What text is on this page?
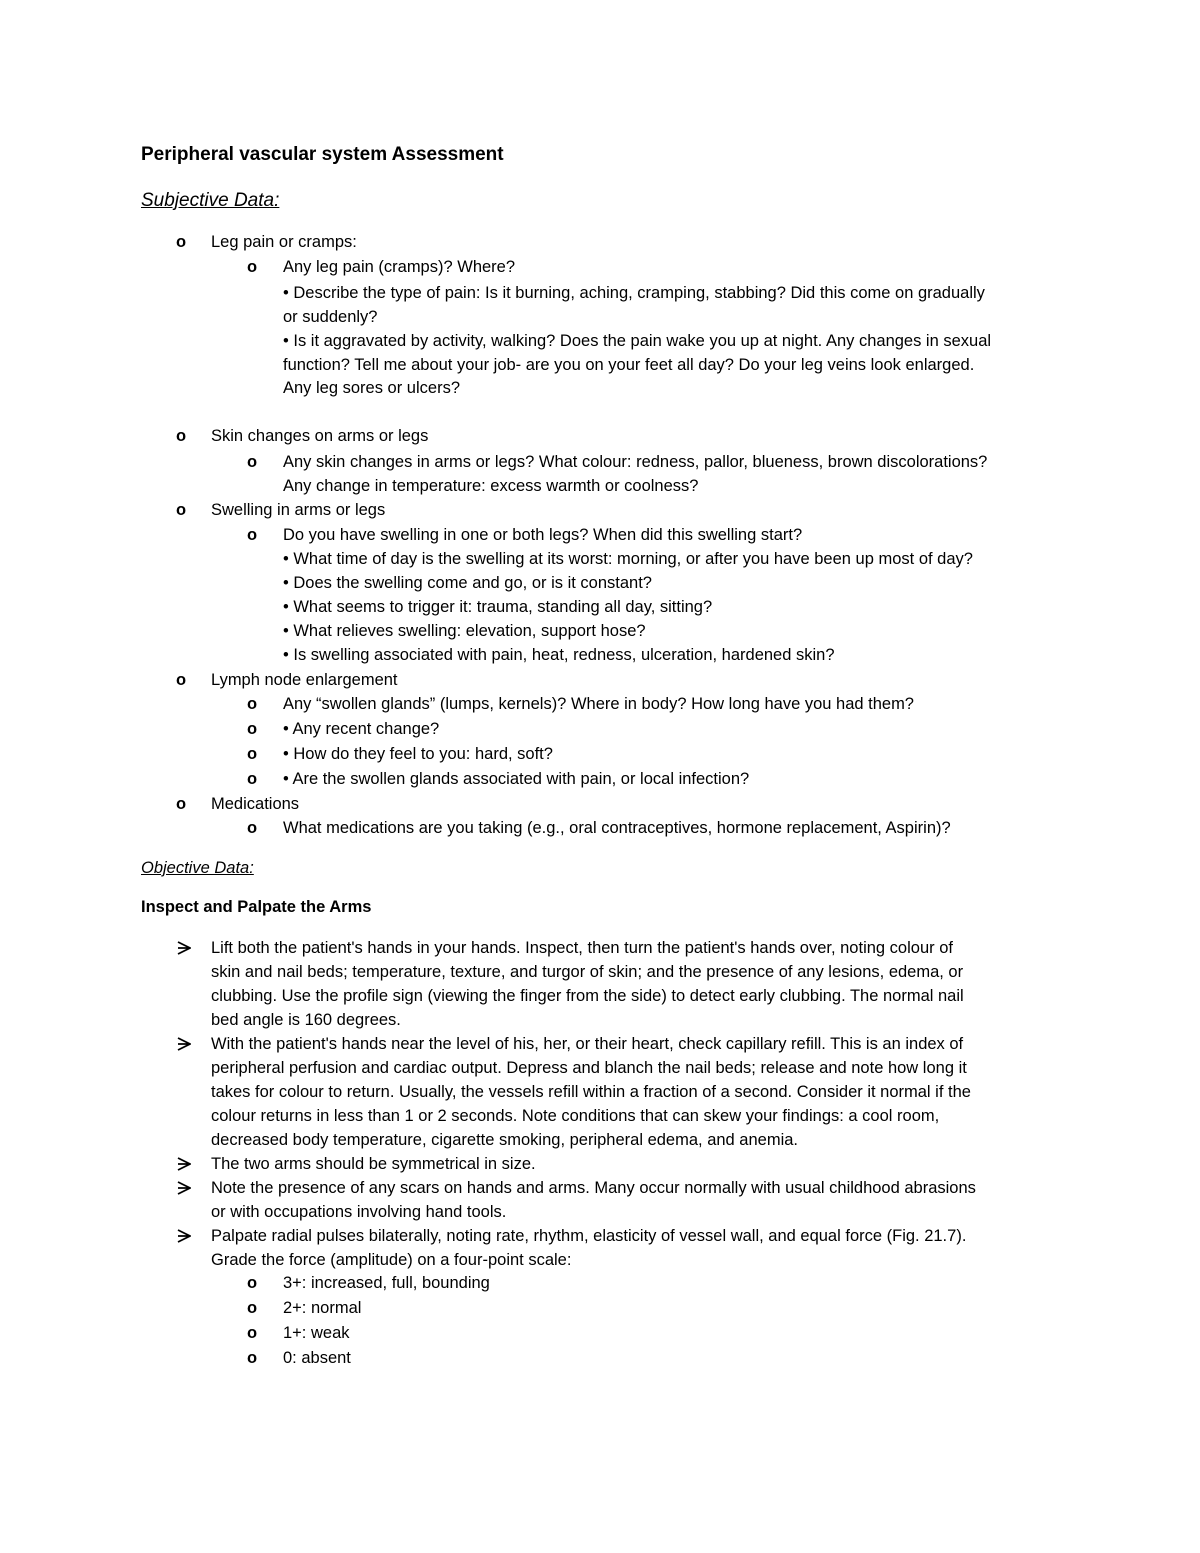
Peripheral vascular system Assessment
Subjective Data:
o Leg pain or cramps:
o Any leg pain (cramps)? Where?
• Describe the type of pain: Is it burning, aching, cramping, stabbing? Did this come on gradually
or suddenly?
• Is it aggravated by activity, walking? Does the pain wake you up at night. Any changes in sexual
function? Tell me about your job- are you on your feet all day? Do your leg veins look enlarged.
Any leg sores or ulcers?
o Skin changes on arms or legs
o Any skin changes in arms or legs? What colour: redness, pallor, blueness, brown discolorations?
Any change in temperature: excess warmth or coolness?
o Swelling in arms or legs
o Do you have swelling in one or both legs? When did this swelling start?
• What time of day is the swelling at its worst: morning, or after you have been up most of day?
• Does the swelling come and go, or is it constant?
• What seems to trigger it: trauma, standing all day, sitting?
• What relieves swelling: elevation, support hose?
• Is swelling associated with pain, heat, redness, ulceration, hardened skin?
o Lymph node enlargement
o Any “swollen glands” (lumps, kernels)? Where in body? How long have you had them?
o • Any recent change?
o • How do they feel to you: hard, soft?
o • Are the swollen glands associated with pain, or local infection?
o Medications
o What medications are you taking (e.g., oral contraceptives, hormone replacement, Aspirin)?
Objective Data:
Inspect and Palpate the Arms
Lift both the patient's hands in your hands. Inspect, then turn the patient's hands over, noting colour of
skin and nail beds; temperature, texture, and turgor of skin; and the presence of any lesions, edema, or
clubbing. Use the profile sign (viewing the finger from the side) to detect early clubbing. The normal nail
bed angle is 160 degrees.
With the patient's hands near the level of his, her, or their heart, check capillary refill. This is an index of
peripheral perfusion and cardiac output. Depress and blanch the nail beds; release and note how long it
takes for colour to return. Usually, the vessels refill within a fraction of a second. Consider it normal if the
colour returns in less than 1 or 2 seconds. Note conditions that can skew your findings: a cool room,
decreased body temperature, cigarette smoking, peripheral edema, and anemia.
The two arms should be symmetrical in size.
Note the presence of any scars on hands and arms. Many occur normally with usual childhood abrasions
or with occupations involving hand tools.
Palpate radial pulses bilaterally, noting rate, rhythm, elasticity of vessel wall, and equal force (Fig. 21.7).
Grade the force (amplitude) on a four-point scale:
o 3+: increased, full, bounding
o 2+: normal
o 1+: weak
o 0: absent
